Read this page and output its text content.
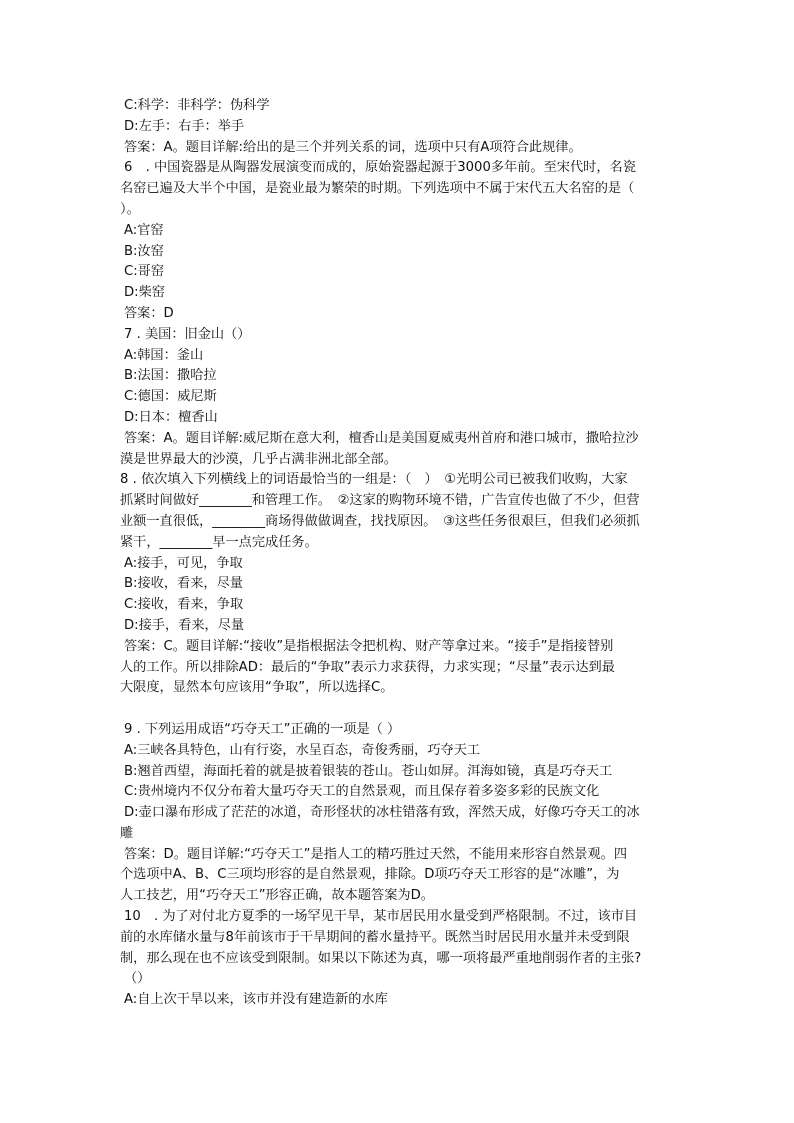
C:科学：非科学：伪科学
D:左手：右手：举手
答案：A。题目详解:给出的是三个并列关系的词，选项中只有A项符合此规律。
6　. 中国瓷器是从陶器发展演变而成的，原始瓷器起源于3000多年前。至宋代时，名瓷
名窑已遍及大半个中国，是瓷业最为繁荣的时期。下列选项中不属于宋代五大名窑的是（
）。
A:官窑
B:汝窑
C:哥窑
D:柴窑
答案：D
7 . 美国：旧金山（）
A:韩国：釜山
B:法国：撒哈拉
C:德国：威尼斯
D:日本：檀香山
答案：A。题目详解:威尼斯在意大利，檀香山是美国夏威夷州首府和港口城市，撒哈拉沙
漠是世界最大的沙漠，几乎占满非洲北部全部。
8 . 依次填入下列横线上的词语最恰当的一组是：（　）　①光明公司已被我们收购，大家
抓紧时间做好________和管理工作。　②这家的购物环境不错，广告宣传也做了不少，但营
业额一直很低，________商场得做做调查，找找原因。　③这些任务很艰巨，但我们必须抓
紧干，________早一点完成任务。
A:接手，可见，争取
B:接收，看来，尽量
C:接收，看来，争取
D:接手，看来，尽量
答案：C。题目详解:“接收”是指根据法令把机构、财产等拿过来。“接手”是指接替别
人的工作。所以排除AD：最后的“争取”表示力求获得，力求实现；“尽量”表示达到最
大限度，显然本句应该用“争取”，所以选择C。
9 . 下列运用成语“巧夺天工”正确的一项是（ ）
A:三峡各具特色，山有行姿，水呈百态，奇俊秀丽，巧夺天工
B:翘首西望，海面托着的就是披着银装的苍山。苍山如屏。洱海如镜，真是巧夺天工
C:贵州境内不仅分布着大量巧夺天工的自然景观，而且保存着多姿多彩的民族文化
D:壶口瀑布形成了茫茫的冰道，奇形怪状的冰柱错落有致，浑然天成，好像巧夺天工的冰
雕
答案：D。题目详解:“巧夺天工”是指人工的精巧胜过天然，不能用来形容自然景观。四
个选项中A、B、C三项均形容的是自然景观，排除。D项巧夺天工形容的是“冰雕”，为
人工技艺，用“巧夺天工”形容正确，故本题答案为D。
10　. 为了对付北方夏季的一场罕见干旱，某市居民用水量受到严格限制。不过，该市目
前的水库储水量与8年前该市于干旱期间的蓄水量持平。既然当时居民用水量并未受到限
制，那么现在也不应该受到限制。如果以下陈述为真，哪一项将最严重地削弱作者的主张?
（）
A:自上次干旱以来，该市并没有建造新的水库
